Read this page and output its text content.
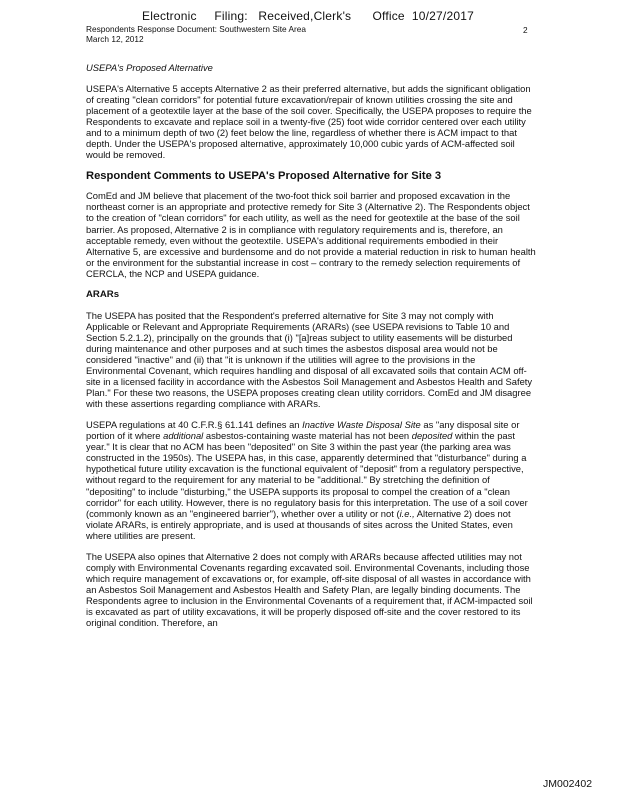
Electronic Filing: Received,Clerk's Office 10/27/2017
Respondents Response Document: Southwestern Site Area
March 12, 2012
2
USEPA's Proposed Alternative

USEPA's Alternative 5 accepts Alternative 2 as their preferred alternative, but adds the significant obligation of creating "clean corridors" for potential future excavation/repair of known utilities crossing the site and placement of a geotextile layer at the base of the soil cover. Specifically, the USEPA proposes to require the Respondents to excavate and replace soil in a twenty-five (25) foot wide corridor centered over each utility and to a minimum depth of two (2) feet below the line, regardless of whether there is ACM impact to that depth. Under the USEPA's proposed alternative, approximately 10,000 cubic yards of ACM-affected soil would be removed.

Respondent Comments to USEPA's Proposed Alternative for Site 3

ComEd and JM believe that placement of the two-foot thick soil barrier and proposed excavation in the northeast corner is an appropriate and protective remedy for Site 3 (Alternative 2). The Respondents object to the creation of "clean corridors" for each utility, as well as the need for geotextile at the base of the soil barrier. As proposed, Alternative 2 is in compliance with regulatory requirements and is, therefore, an acceptable remedy, even without the geotextile. USEPA's additional requirements embodied in their Alternative 5, are excessive and burdensome and do not provide a material reduction in risk to human health or the environment for the substantial increase in cost – contrary to the remedy selection requirements of CERCLA, the NCP and USEPA guidance.

ARARs

The USEPA has posited that the Respondent's preferred alternative for Site 3 may not comply with Applicable or Relevant and Appropriate Requirements (ARARs) (see USEPA revisions to Table 10 and Section 5.2.1.2), principally on the grounds that (i) "[a]reas subject to utility easements will be disturbed during maintenance and other purposes and at such times the asbestos disposal area would not be considered "inactive" and (ii) that "it is unknown if the utilities will agree to the provisions in the Environmental Covenant, which requires handling and disposal of all excavated soils that contain ACM off-site in a licensed facility in accordance with the Asbestos Soil Management and Asbestos Health and Safety Plan." For these two reasons, the USEPA proposes creating clean utility corridors. ComEd and JM disagree with these assertions regarding compliance with ARARs.

USEPA regulations at 40 C.F.R.§ 61.141 defines an Inactive Waste Disposal Site as "any disposal site or portion of it where additional asbestos-containing waste material has not been deposited within the past year." It is clear that no ACM has been "deposited" on Site 3 within the past year (the parking area was constructed in the 1950s). The USEPA has, in this case, apparently determined that "disturbance" during a hypothetical future utility excavation is the functional equivalent of "deposit" from a regulatory perspective, without regard to the requirement for any material to be "additional." By stretching the definition of "depositing" to include "disturbing," the USEPA supports its proposal to compel the creation of a "clean corridor" for each utility. However, there is no regulatory basis for this interpretation. The use of a soil cover (commonly known as an "engineered barrier"), whether over a utility or not (i.e., Alternative 2) does not violate ARARs, is entirely appropriate, and is used at thousands of sites across the United States, even where utilities are present.

The USEPA also opines that Alternative 2 does not comply with ARARs because affected utilities may not comply with Environmental Covenants regarding excavated soil. Environmental Covenants, including those which require management of excavations or, for example, off-site disposal of all wastes in accordance with an Asbestos Soil Management and Asbestos Health and Safety Plan, are legally binding documents. The Respondents agree to inclusion in the Environmental Covenants of a requirement that, if ACM-impacted soil is excavated as part of utility excavations, it will be properly disposed off-site and the cover restored to its original condition. Therefore, an

JM002402
